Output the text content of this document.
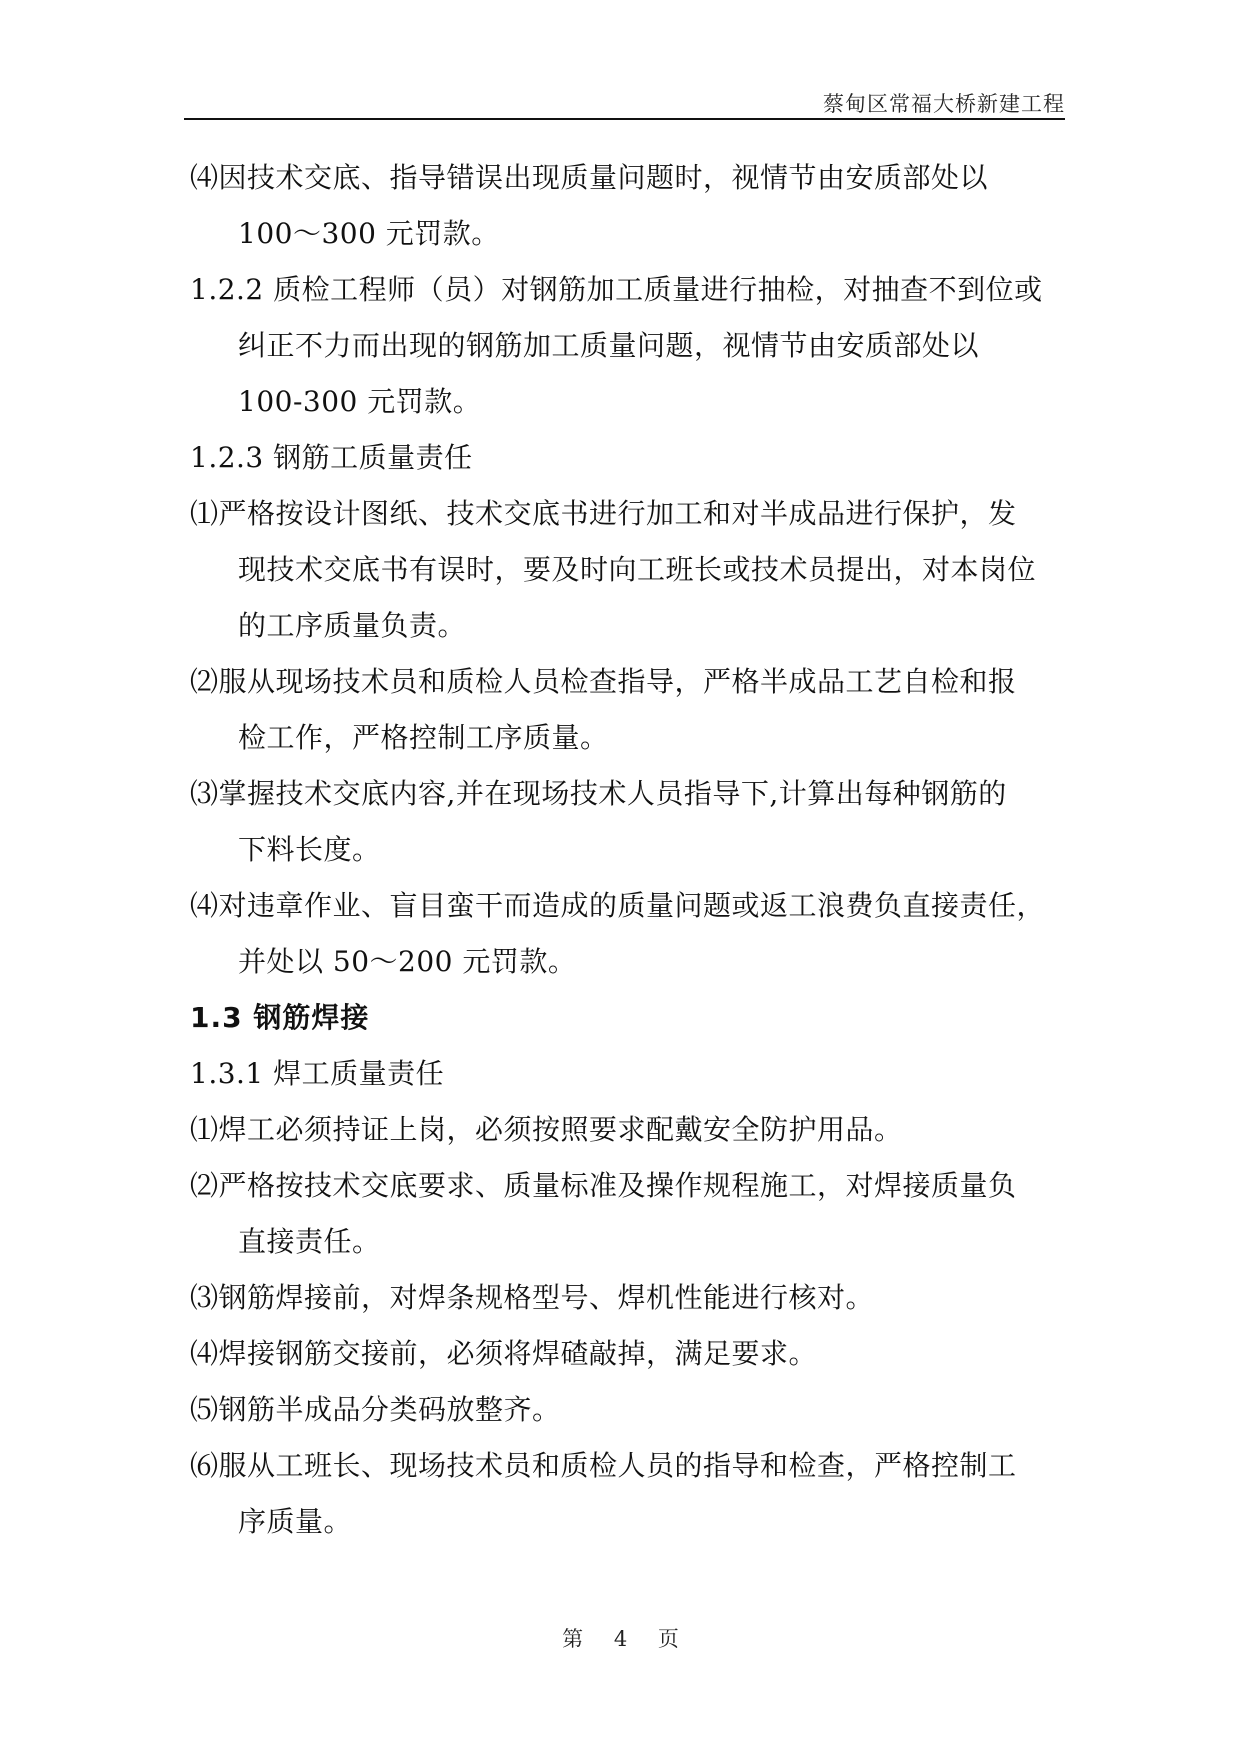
蔡甸区常福大桥新建工程

⑷因技术交底、指导错误出现质量问题时，视情节由安质部处以

100～300 元罚款。

1.2.2 质检工程师（员）对钢筋加工质量进行抽检，对抽查不到位或

纠正不力而出现的钢筋加工质量问题，视情节由安质部处以

100-300 元罚款。

1.2.3 钢筋工质量责任

⑴严格按设计图纸、技术交底书进行加工和对半成品进行保护，发

现技术交底书有误时，要及时向工班长或技术员提出，对本岗位

的工序质量负责。

⑵服从现场技术员和质检人员检查指导，严格半成品工艺自检和报

检工作，严格控制工序质量。

⑶掌握技术交底内容,并在现场技术人员指导下,计算出每种钢筋的

下料长度。

⑷对违章作业、盲目蛮干而造成的质量问题或返工浪费负直接责任，

并处以 50～200 元罚款。

1.3 钢筋焊接

1.3.1 焊工质量责任

⑴焊工必须持证上岗，必须按照要求配戴安全防护用品。

⑵严格按技术交底要求、质量标准及操作规程施工，对焊接质量负

直接责任。

⑶钢筋焊接前，对焊条规格型号、焊机性能进行核对。

⑷焊接钢筋交接前，必须将焊碴敲掉，满足要求。

⑸钢筋半成品分类码放整齐。

⑹服从工班长、现场技术员和质检人员的指导和检查，严格控制工

序质量。

第 4 页
